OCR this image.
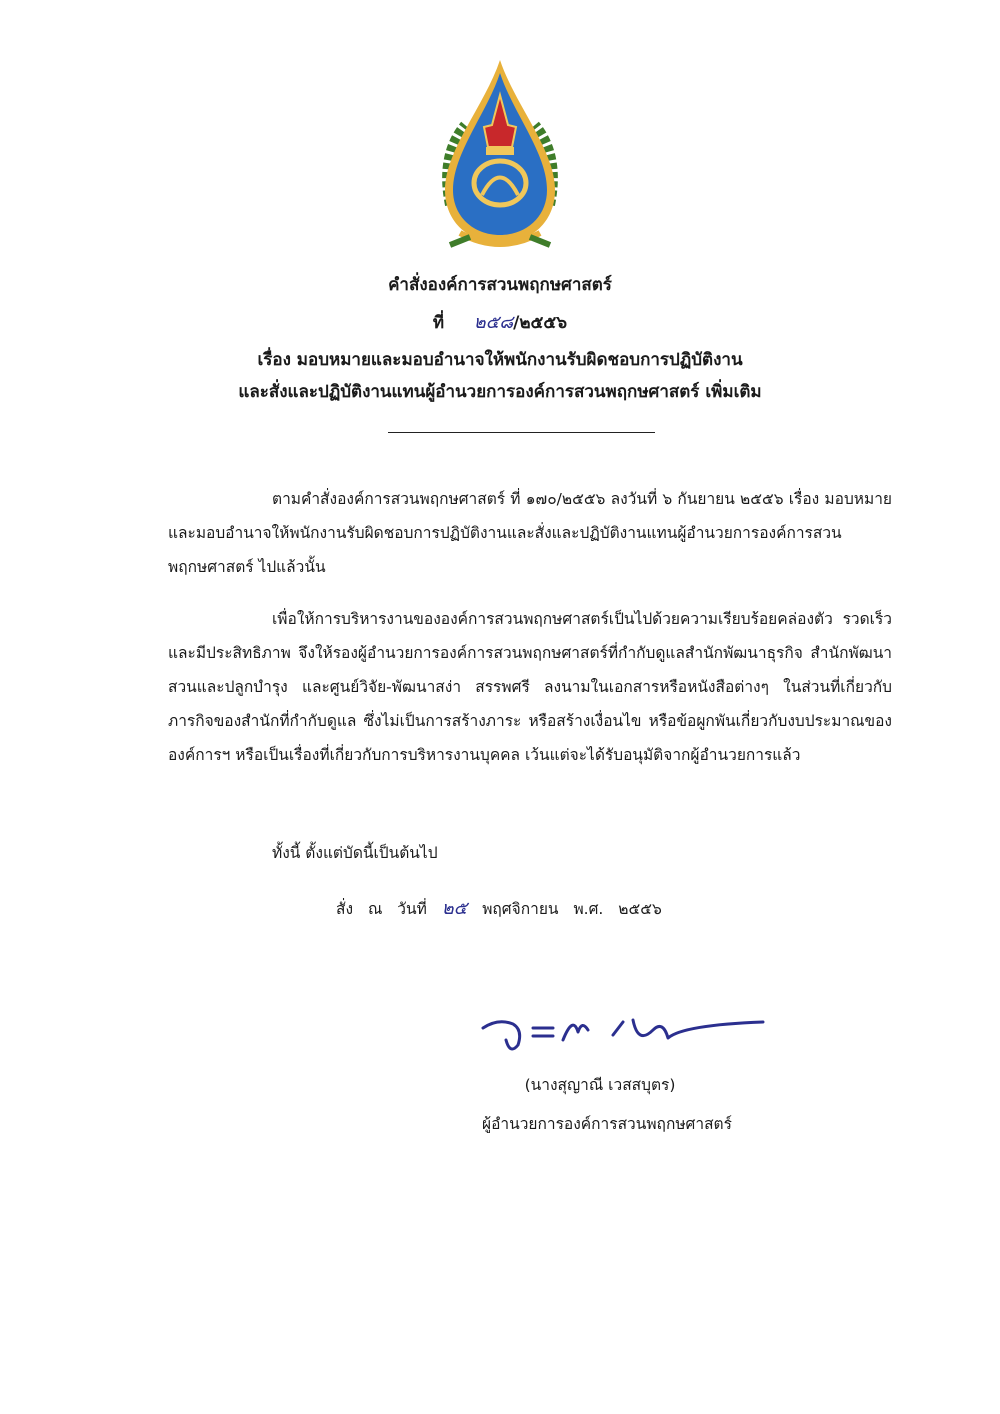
คำสั่งองค์การสวนพฤกษศาสตร์
ที่ ๒๕๘/๒๕๕๖
เรื่อง มอบหมายและมอบอำนาจให้พนักงานรับผิดชอบการปฏิบัติงาน
และสั่งและปฏิบัติงานแทนผู้อำนวยการองค์การสวนพฤกษศาสตร์ เพิ่มเติม
ตามคำสั่งองค์การสวนพฤกษศาสตร์ ที่ ๑๗๐/๒๕๕๖ ลงวันที่ ๖ กันยายน ๒๕๕๖ เรื่อง มอบหมายและมอบอำนาจให้พนักงานรับผิดชอบการปฏิบัติงานและสั่งและปฏิบัติงานแทนผู้อำนวยการองค์การสวนพฤกษศาสตร์ ไปแล้วนั้น
เพื่อให้การบริหารงานขององค์การสวนพฤกษศาสตร์เป็นไปด้วยความเรียบร้อยคล่องตัว รวดเร็วและมีประสิทธิภาพ จึงให้รองผู้อำนวยการองค์การสวนพฤกษศาสตร์ที่กำกับดูแลสำนักพัฒนาธุรกิจ สำนักพัฒนาสวนและปลูกบำรุง และศูนย์วิจัย-พัฒนาสง่า สรรพศรี ลงนามในเอกสารหรือหนังสือต่างๆ ในส่วนที่เกี่ยวกับภารกิจของสำนักที่กำกับดูแล ซึ่งไม่เป็นการสร้างภาระ หรือสร้างเงื่อนไข หรือข้อผูกพันเกี่ยวกับงบประมาณขององค์การฯ หรือเป็นเรื่องที่เกี่ยวกับการบริหารงานบุคคล เว้นแต่จะได้รับอนุมัติจากผู้อำนวยการแล้ว
ทั้งนี้ ตั้งแต่บัดนี้เป็นต้นไป
สั่ง ณ วันที่ ๒๕ พฤศจิกายน พ.ศ. ๒๕๕๖
(นางสุญาณี เวสสบุตร)
ผู้อำนวยการองค์การสวนพฤกษศาสตร์
